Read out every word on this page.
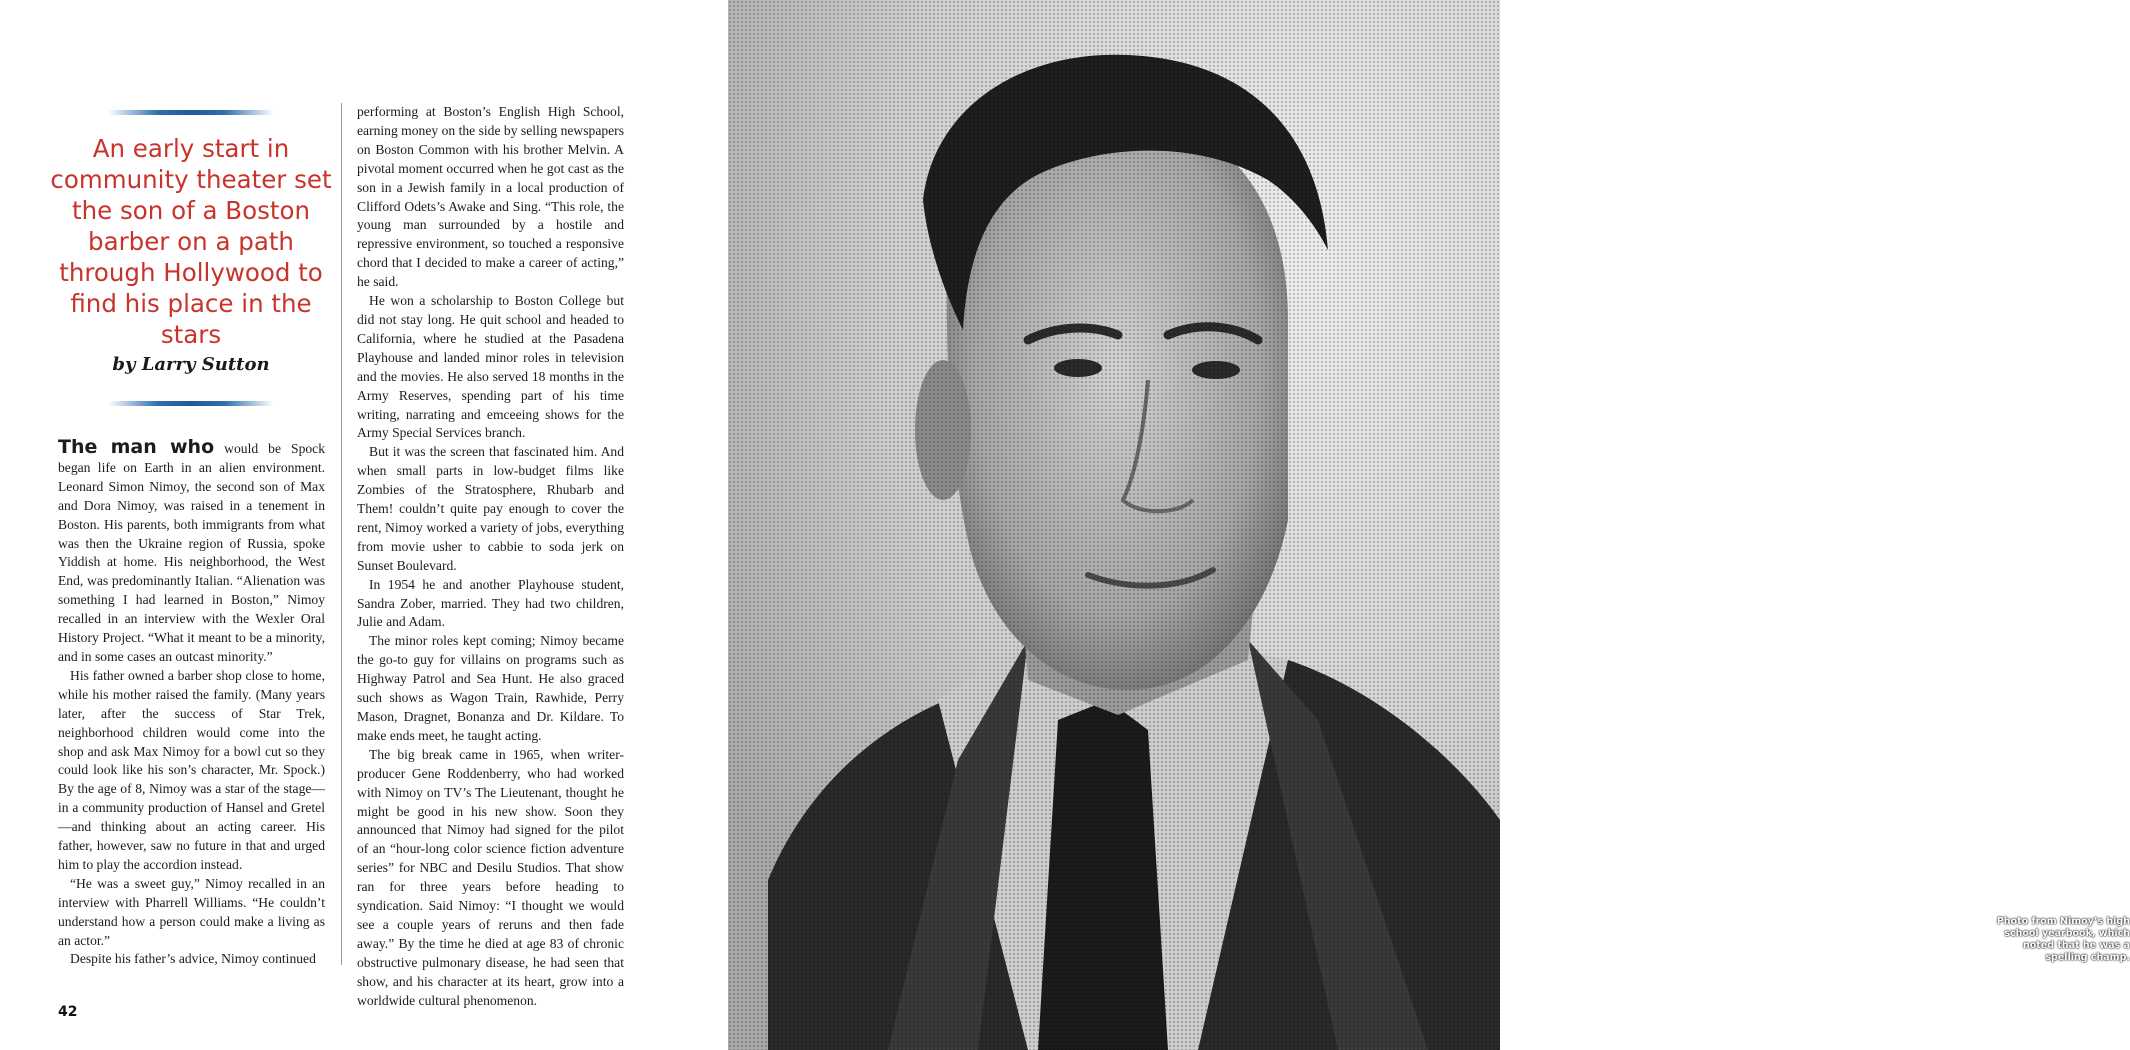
An early start in community theater set the son of a Boston barber on a path through Hollywood to find his place in the stars

by Larry Sutton

The man who would be Spock began life on Earth in an alien environment. Leonard Simon Nimoy, the second son of Max and Dora Nimoy, was raised in a tenement in Boston. His parents, both immigrants from what was then the Ukraine region of Russia, spoke Yiddish at home. His neighborhood, the West End, was predominantly Italian. “Alienation was something I had learned in Boston,” Nimoy recalled in an interview with the Wexler Oral History Project. “What it meant to be a minority, and in some cases an outcast minority.”

His father owned a barber shop close to home, while his mother raised the family. (Many years later, after the success of Star Trek, neighborhood children would come into the shop and ask Max Nimoy for a bowl cut so they could look like his son’s character, Mr. Spock.) By the age of 8, Nimoy was a star of the stage—in a community production of Hansel and Gretel—and thinking about an acting career. His father, however, saw no future in that and urged him to play the accordion instead.

“He was a sweet guy,” Nimoy recalled in an interview with Pharrell Williams. “He couldn’t understand how a person could make a living as an actor.”

Despite his father’s advice, Nimoy continued

performing at Boston’s English High School, earning money on the side by selling newspapers on Boston Common with his brother Melvin. A pivotal moment occurred when he got cast as the son in a Jewish family in a local production of Clifford Odets’s Awake and Sing. “This role, the young man surrounded by a hostile and repressive environment, so touched a responsive chord that I decided to make a career of acting,” he said.

He won a scholarship to Boston College but did not stay long. He quit school and headed to California, where he studied at the Pasadena Playhouse and landed minor roles in television and the movies. He also served 18 months in the Army Reserves, spending part of his time writing, narrating and emceeing shows for the Army Special Services branch.

But it was the screen that fascinated him. And when small parts in low-budget films like Zombies of the Stratosphere, Rhubarb and Them! couldn’t quite pay enough to cover the rent, Nimoy worked a variety of jobs, everything from movie usher to cabbie to soda jerk on Sunset Boulevard.

In 1954 he and another Playhouse student, Sandra Zober, married. They had two children, Julie and Adam.

The minor roles kept coming; Nimoy became the go-to guy for villains on programs such as Highway Patrol and Sea Hunt. He also graced such shows as Wagon Train, Rawhide, Perry Mason, Dragnet, Bonanza and Dr. Kildare. To make ends meet, he taught acting.

The big break came in 1965, when writer-producer Gene Roddenberry, who had worked with Nimoy on TV’s The Lieutenant, thought he might be good in his new show. Soon they announced that Nimoy had signed for the pilot of an “hour-long color science fiction adventure series” for NBC and Desilu Studios. That show ran for three years before heading to syndication. Said Nimoy: “I thought we would see a couple years of reruns and then fade away.” By the time he died at age 83 of chronic obstructive pulmonary disease, he had seen that show, and his character at its heart, grow into a worldwide cultural phenomenon.

42

Photo from Nimoy’s high school yearbook, which noted that he was a spelling champ.
